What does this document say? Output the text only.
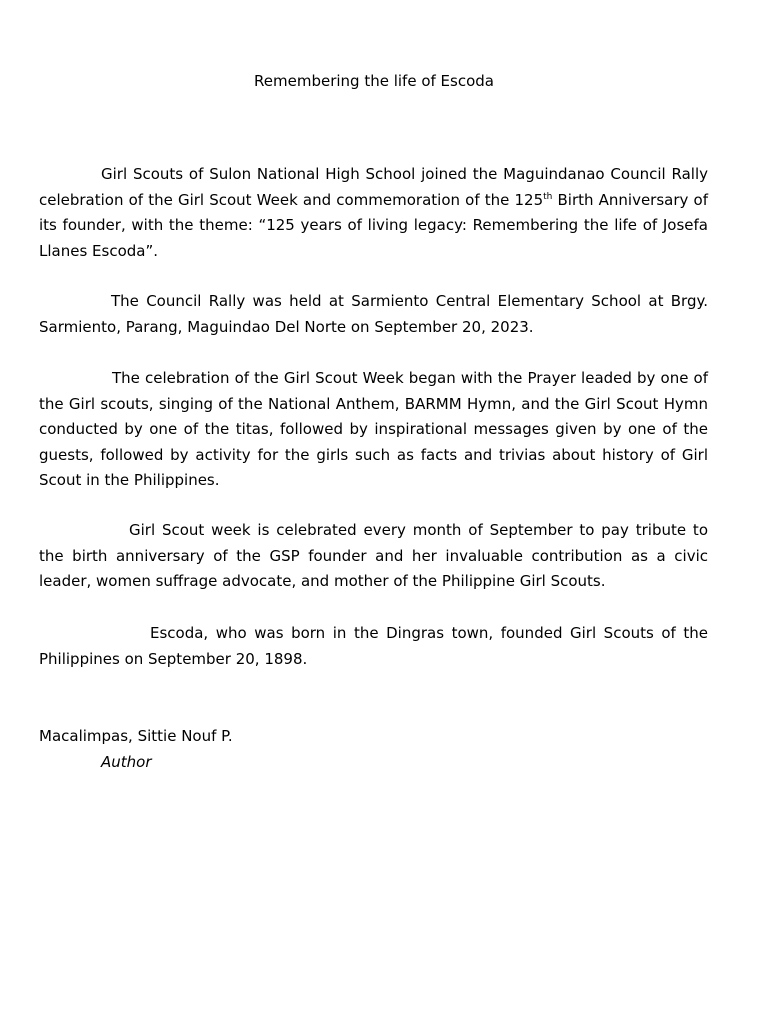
Remembering the life of Escoda

Girl Scouts of Sulon National High School joined the Maguindanao Council Rally celebration of the Girl Scout Week and commemoration of the 125th Birth Anniversary of its founder, with the theme: “125 years of living legacy: Remembering the life of Josefa Llanes Escoda”.

The Council Rally was held at Sarmiento Central Elementary School at Brgy. Sarmiento, Parang, Maguindao Del Norte on September 20, 2023.

The celebration of the Girl Scout Week began with the Prayer leaded by one of the Girl scouts, singing of the National Anthem, BARMM Hymn, and the Girl Scout Hymn conducted by one of the titas, followed by inspirational messages given by one of the guests, followed by activity for the girls such as facts and trivias about history of Girl Scout in the Philippines.

Girl Scout week is celebrated every month of September to pay tribute to the birth anniversary of the GSP founder and her invaluable contribution as a civic leader, women suffrage advocate, and mother of the Philippine Girl Scouts.

Escoda, who was born in the Dingras town, founded Girl Scouts of the Philippines on September 20, 1898.

Macalimpas, Sittie Nouf P.
Author
